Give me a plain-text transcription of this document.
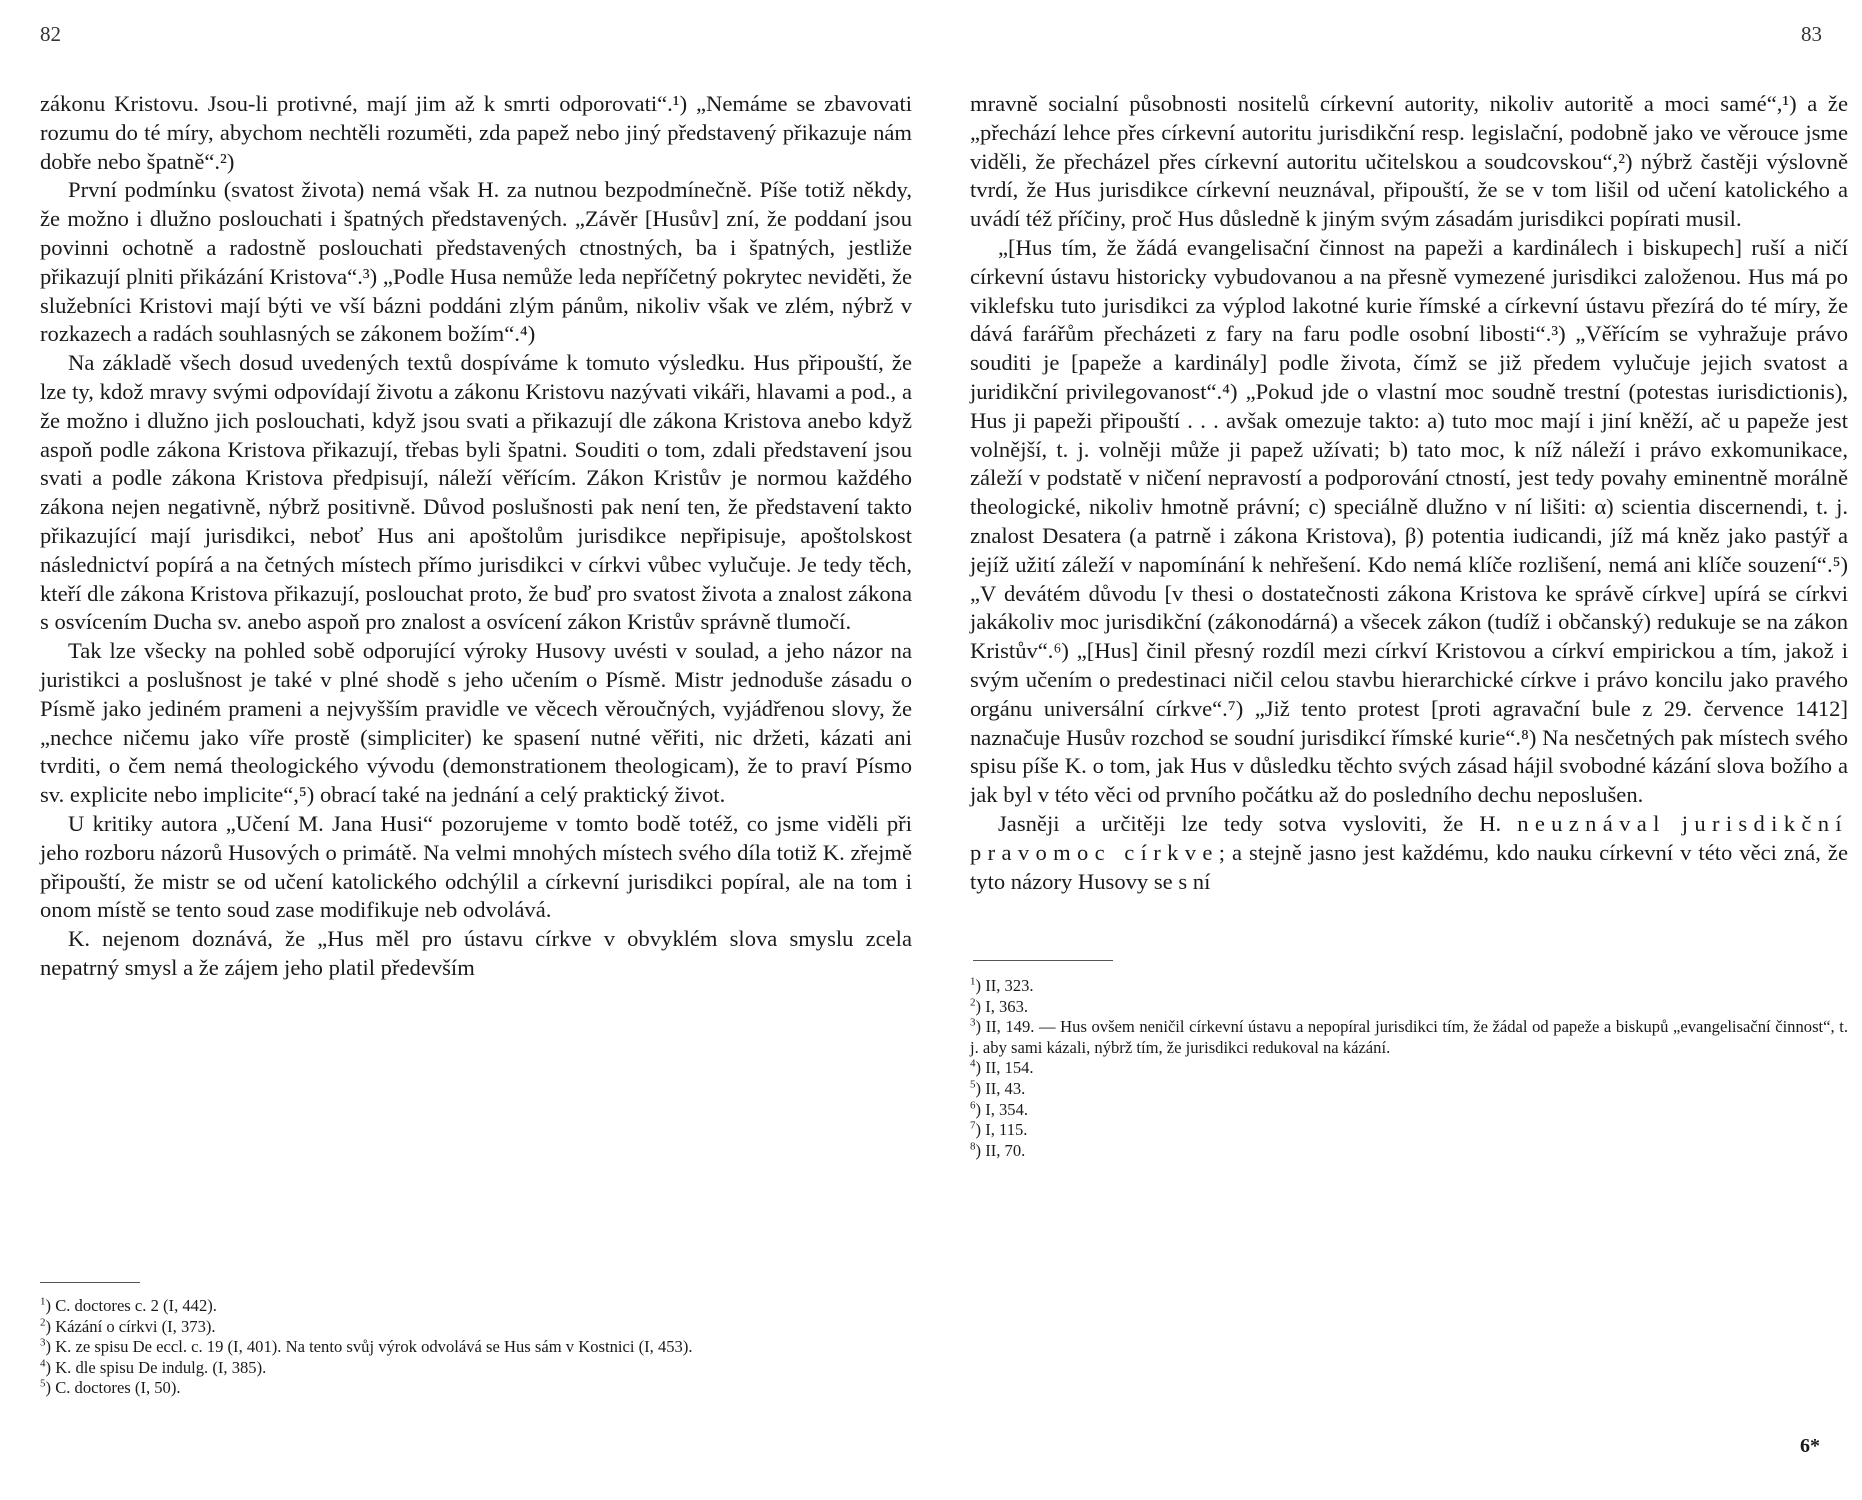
82

zákonu Kristovu. Jsou-li protivné, mají jim až k smrti odporovati“.¹) „Nemáme se zbavovati rozumu do té míry, abychom nechtěli rozuměti, zda papež nebo jiný představený přikazuje nám dobře nebo špatně“.²)

První podmínku (svatost života) nemá však H. za nutnou bezpodmínečně. Píše totiž někdy, že možno i dlužno poslouchati i špatných představených. „Závěr [Husův] zní, že poddaní jsou povinni ochotně a radostně poslouchati představených ctnostných, ba i špatných, jestliže přikazují plniti přikázání Kristova“.³) „Podle Husa nemůže leda nepříčetný pokrytec neviděti, že služebníci Kristovi mají býti ve vší bázni poddáni zlým pánům, nikoliv však ve zlém, nýbrž v rozkazech a radách souhlasných se zákonem božím“.⁴)

Na základě všech dosud uvedených textů dospíváme k tomuto výsledku. Hus připouští, že lze ty, kdož mravy svými odpovídají životu a zákonu Kristovu nazývati vikáři, hlavami a pod., a že možno i dlužno jich poslouchati, když jsou svati a přikazují dle zákona Kristova anebo když aspoň podle zákona Kristova přikazují, třebas byli špatni. Souditi o tom, zdali představení jsou svati a podle zákona Kristova předpisují, náleží věřícím. Zákon Kristův je normou každého zákona nejen negativně, nýbrž positivně. Důvod poslušnosti pak není ten, že představení takto přikazující mají jurisdikci, neboť Hus ani apoštolům jurisdikce nepřipisuje, apoštolskost následnictví popírá a na četných místech přímo jurisdikci v církvi vůbec vylučuje. Je tedy těch, kteří dle zákona Kristova přikazují, poslouchat proto, že buď pro svatost života a znalost zákona s osvícením Ducha sv. anebo aspoň pro znalost a osvícení zákon Kristův správně tlumočí.

Tak lze všecky na pohled sobě odporující výroky Husovy uvésti v soulad, a jeho názor na juristikci a poslušnost je také v plné shodě s jeho učením o Písmě. Mistr jednoduše zásadu o Písmě jako jediném prameni a nejvyšším pravidle ve věcech věroučných, vyjádřenou slovy, že „nechce ničemu jako víře prostě (simpliciter) ke spasení nutné věřiti, nic držeti, kázati ani tvrditi, o čem nemá theologického vývodu (demonstrationem theologicam), že to praví Písmo sv. explicite nebo implicite“,⁵) obrací také na jednání a celý praktický život.

U kritiky autora „Učení M. Jana Husi“ pozorujeme v tomto bodě totéž, co jsme viděli při jeho rozboru názorů Husových o primátě. Na velmi mnohých místech svého díla totiž K. zřejmě připouští, že mistr se od učení katolického odchýlil a církevní jurisdikci popíral, ale na tom i onom místě se tento soud zase modifikuje neb odvolává.

K. nejenom doznává, že „Hus měl pro ústavu církve v obvyklém slova smyslu zcela nepatrný smysl a že zájem jeho platil především

$^1$) C. doctores c. 2 (I, 442).
$^2$) Kázání o církvi (I, 373).
$^3$) K. ze spisu De eccl. c. 19 (I, 401). Na tento svůj výrok odvolává se Hus sám v Kostnici (I, 453).
$^4$) K. dle spisu De indulg. (I, 385).
$^5$) C. doctores (I, 50).
83

mravně socialní působnosti nositelů církevní autority, nikoliv autoritě a moci samé“,¹) a že „přechází lehce přes církevní autoritu jurisdikční resp. legislační, podobně jako ve věrouce jsme viděli, že přecházel přes církevní autoritu učitelskou a soudcovskou“,²) nýbrž častěji výslovně tvrdí, že Hus jurisdikce církevní neuznával, připouští, že se v tom lišil od učení katolického a uvádí též příčiny, proč Hus důsledně k jiným svým zásadám jurisdikci popírati musil.

„[Hus tím, že žádá evangelisační činnost na papeži a kardinálech i biskupech] ruší a ničí církevní ústavu historicky vybudovanou a na přesně vymezené jurisdikci založenou. Hus má po viklefsku tuto jurisdikci za výplod lakotné kurie římské a církevní ústavu přezírá do té míry, že dává farářům přecházeti z fary na faru podle osobní libosti“.³) „Věřícím se vyhražuje právo souditi je [papeže a kardinály] podle života, čímž se již předem vylučuje jejich svatost a juridikční privilegovanost“.⁴) „Pokud jde o vlastní moc soudně trestní (potestas iurisdictionis), Hus ji papeži připouští . . . avšak omezuje takto: a) tuto moc mají i jiní kněží, ač u papeže jest volnější, t. j. volněji může ji papež užívati; b) tato moc, k níž náleží i právo exkomunikace, záleží v podstatě v ničení nepravostí a podporování ctností, jest tedy povahy eminentně morálně theologické, nikoliv hmotně právní; c) speciálně dlužno v ní lišiti: α) scientia discernendi, t. j. znalost Desatera (a patrně i zákona Kristova), β) potentia iudicandi, jíž má kněz jako pastýř a jejíž užití záleží v napomínání k nehřešení. Kdo nemá klíče rozlišení, nemá ani klíče souzení“.⁵) „V devátém důvodu [v thesi o dostatečnosti zákona Kristova ke správě církve] upírá se církvi jakákoliv moc jurisdikční (zákonodárná) a všecek zákon (tudíž i občanský) redukuje se na zákon Kristův“.⁶) „[Hus] činil přesný rozdíl mezi církví Kristovou a církví empirickou a tím, jakož i svým učením o predestinaci ničil celou stavbu hierarchické církve i právo koncilu jako pravého orgánu universální církve“.⁷) „Již tento protest [proti agravační bule z 29. července 1412] naznačuje Husův rozchod se soudní jurisdikcí římské kurie“.⁸) Na nesčetných pak místech svého spisu píše K. o tom, jak Hus v důsledku těchto svých zásad hájil svobodné kázání slova božího a jak byl v této věci od prvního počátku až do posledního dechu neposlušen.

Jasněji a určitěji lze tedy sotva vysloviti, že H. neuznával jurisdikční pravomoc církve; a stejně jasno jest každému, kdo nauku církevní v této věci zná, že tyto názory Husovy se s ní

$^1$) II, 323.
$^2$) I, 363.
$^3$) II, 149. — Hus ovšem neničil církevní ústavu a nepopíral jurisdikci tím, že žádal od papeže a biskupů „evangelisační činnost“, t. j. aby sami kázali, nýbrž tím, že jurisdikci redukoval na kázání.
$^4$) II, 154.
$^5$) II, 43.
$^6$) I, 354.
$^7$) I, 115.
$^8$) II, 70.
6*
